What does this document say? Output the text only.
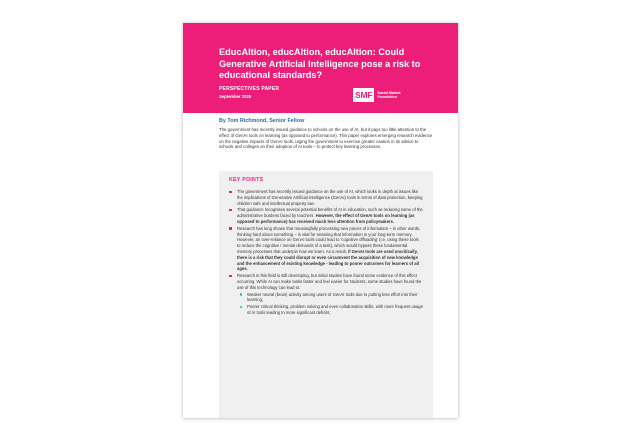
EducAItion, educAItion, educAItion: Could Generative Artificial Intelligence pose a risk to educational standards?
PERSPECTIVES PAPER
September 2025	SMF	Social Market Foundation
By Tom Richmond, Senior Fellow
The government has recently issued guidance to schools on the use of AI, but it pays too little attention to the effect of GenAI tools on learning (as opposed to performance). This paper explores emerging research evidence on the negative impacts of GenAI tools, urging the government to exercise greater caution in its advice to schools and colleges on their adoption of AI tools – to protect key learning processes.
KEY POINTS
The government has recently issued guidance on the use of AI, which looks in depth at issues like the implications of Generative Artificial Intelligence (GenAI) tools in terms of data protection, keeping children safe and intellectual property law.
That guidance recognises several potential benefits of AI in education, such as reducing some of the administrative burdens faced by teachers. However, the effect of GenAI tools on learning (as opposed to performance) has received much less attention from policymakers.
Research has long shown that meaningfully processing new pieces of information – in other words, thinking hard about something – is vital for retaining that information in your long-term memory. However, an over-reliance on GenAI tools could lead to 'cognitive offloading' (i.e. using these tools to reduce the cognitive / mental demands of a task), which would bypass these fundamental memory processes that underpin how we learn. As a result, if GenAI tools are used uncritically, there is a risk that they could disrupt or even circumvent the acquisition of new knowledge and the enhancement of existing knowledge - leading to poorer outcomes for learners of all ages.
Research in this field is still developing, but initial studies have found some evidence of this effect occurring. While AI can make tasks faster and feel easier for students, some studies have found the use of this technology can lead to:
Weaker neural (brain) activity among users of GenAI tools due to putting less effort into their learning;
Poorer critical thinking, problem solving and even collaboration skills, with more frequent usage of AI tools leading to more significant deficits;
